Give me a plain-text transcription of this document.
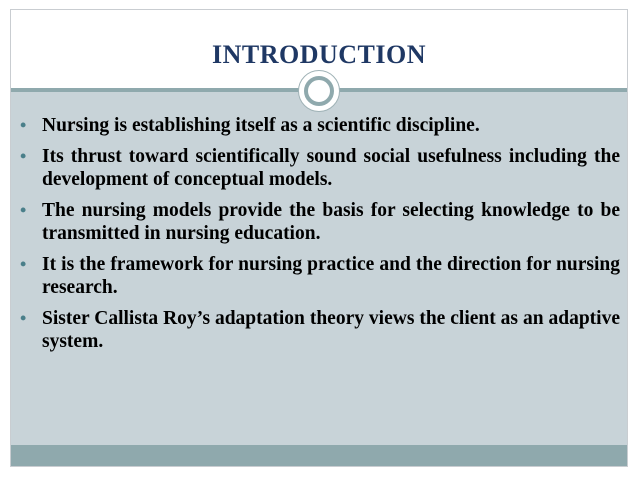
INTRODUCTION
• Nursing is establishing itself as a scientific discipline.
• Its thrust toward scientifically sound social usefulness including the development of conceptual models.
• The nursing models provide the basis for selecting knowledge to be transmitted in nursing education.
• It is the framework for nursing practice and the direction for nursing research.
• Sister Callista Roy’s adaptation theory views the client as an adaptive system.
